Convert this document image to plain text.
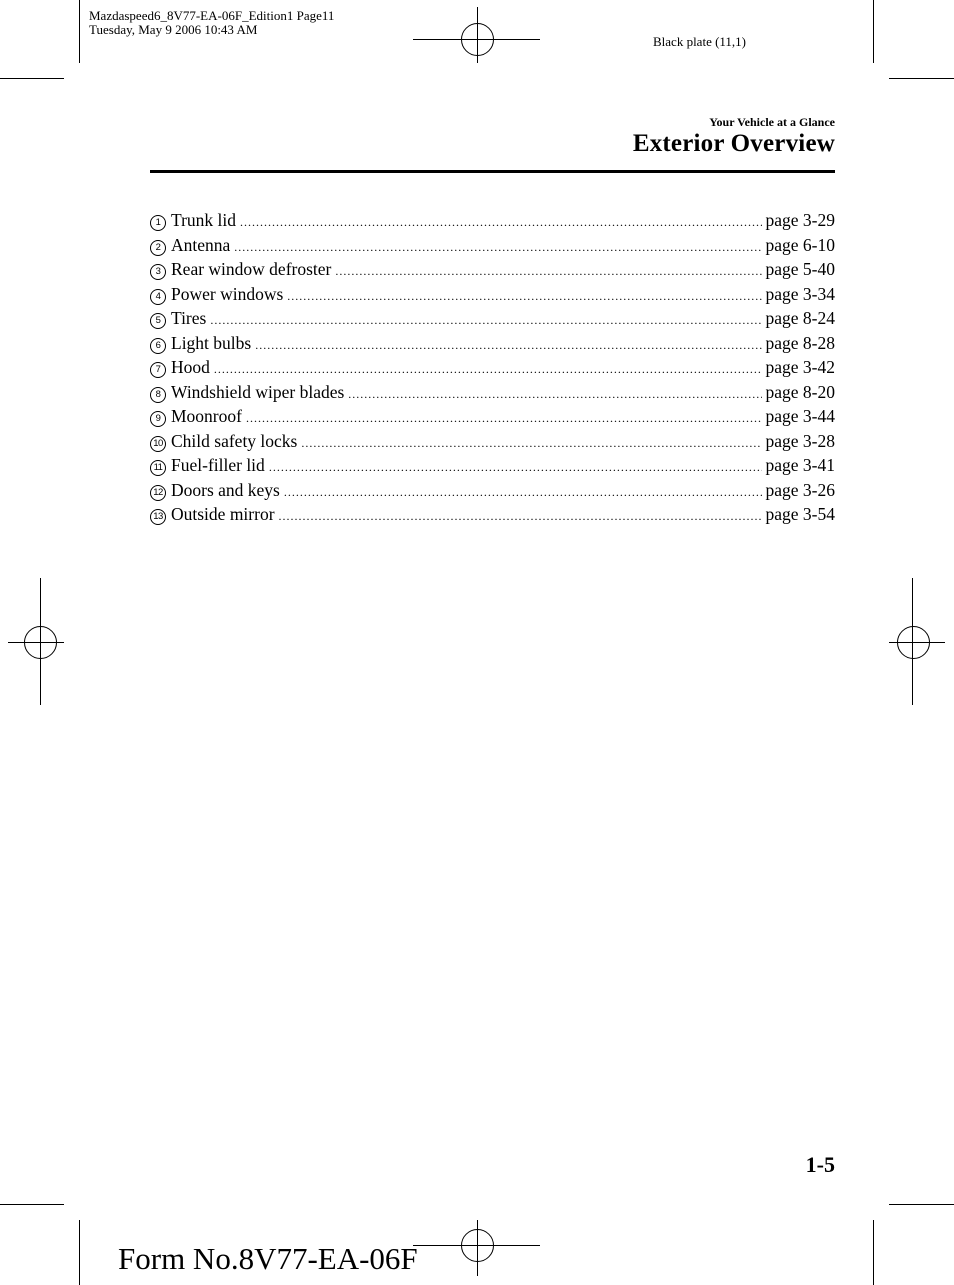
Mazdaspeed6_8V77-EA-06F_Edition1 Page11
Tuesday, May 9 2006 10:43 AM
Black plate (11,1)
Your Vehicle at a Glance
Exterior Overview
1 Trunk lid .....	page 3-29
2 Antenna .....	page 6-10
3 Rear window defroster .....	page 5-40
4 Power windows .....	page 3-34
5 Tires .....	page 8-24
6 Light bulbs .....	page 8-28
7 Hood .....	page 3-42
8 Windshield wiper blades .....	page 8-20
9 Moonroof .....	page 3-44
10 Child safety locks .....	page 3-28
11 Fuel-filler lid .....	page 3-41
12 Doors and keys .....	page 3-26
13 Outside mirror .....	page 3-54
1-5
Form No.8V77-EA-06F
